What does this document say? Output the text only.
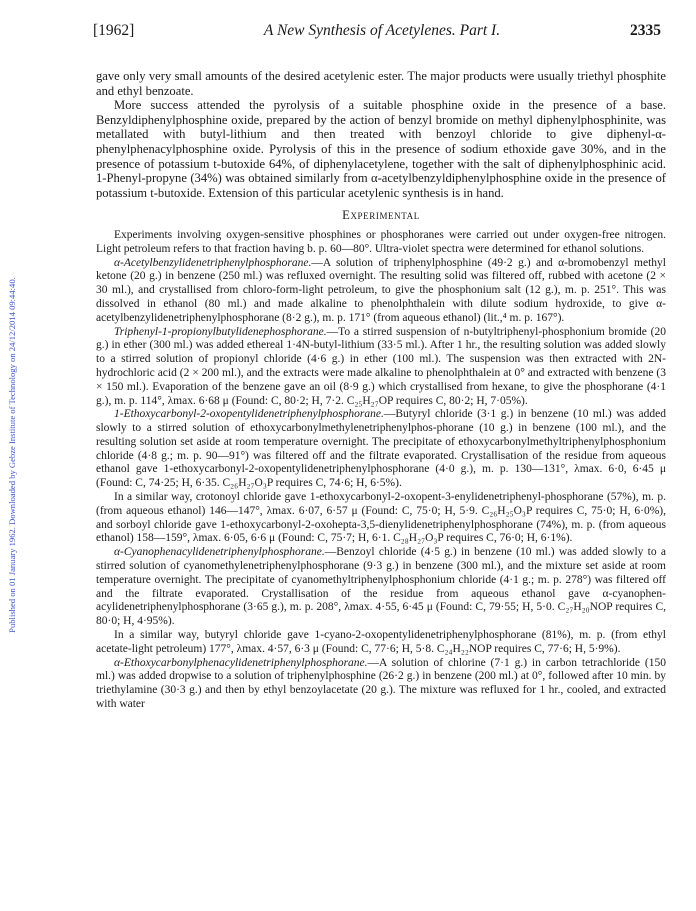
Published on 01 January 1962. Downloaded by Gebze Institute of Technology on 24/12/2014 09:44:40.
[1962]	A New Synthesis of Acetylenes. Part I.	2335

gave only very small amounts of the desired acetylenic ester. The major products were usually triethyl phosphite and ethyl benzoate.

More success attended the pyrolysis of a suitable phosphine oxide in the presence of a base. Benzyldiphenylphosphine oxide, prepared by the action of benzyl bromide on methyl diphenylphosphinite, was metallated with butyl-lithium and then treated with benzoyl chloride to give diphenyl-α-phenylphenacylphosphine oxide. Pyrolysis of this in the presence of sodium ethoxide gave 30%, and in the presence of potassium t-butoxide 64%, of diphenylacetylene, together with the salt of diphenylphosphinic acid. 1-Phenyl-propyne (34%) was obtained similarly from α-acetylbenzyldiphenylphosphine oxide in the presence of potassium t-butoxide. Extension of this particular acetylenic synthesis is in hand.

Experimental

Experiments involving oxygen-sensitive phosphines or phosphoranes were carried out under oxygen-free nitrogen. Light petroleum refers to that fraction having b. p. 60—80°. Ultra-violet spectra were determined for ethanol solutions.

α-Acetylbenzylidenetriphenylphosphorane.—A solution of triphenylphosphine (49·2 g.) and α-bromobenzyl methyl ketone (20 g.) in benzene (250 ml.) was refluxed overnight. The resulting solid was filtered off, rubbed with acetone (2 × 30 ml.), and crystallised from chloro-form-light petroleum, to give the phosphonium salt (12 g.), m. p. 251°. This was dissolved in ethanol (80 ml.) and made alkaline to phenolphthalein with dilute sodium hydroxide, to give α-acetylbenzylidenetriphenylphosphorane (8·2 g.), m. p. 171° (from aqueous ethanol) (lit.,⁴ m. p. 167°).

Triphenyl-1-propionylbutylidenephosphorane.—To a stirred suspension of n-butyltriphenyl-phosphonium bromide (20 g.) in ether (300 ml.) was added ethereal 1·4N-butyl-lithium (33·5 ml.). After 1 hr., the resulting solution was added slowly to a stirred solution of propionyl chloride (4·6 g.) in ether (100 ml.). The suspension was then extracted with 2N-hydrochloric acid (2 × 200 ml.), and the extracts were made alkaline to phenolphthalein at 0° and extracted with benzene (3 × 150 ml.). Evaporation of the benzene gave an oil (8·9 g.) which crystallised from hexane, to give the phosphorane (4·1 g.), m. p. 114°, λmax. 6·68 μ (Found: C, 80·2; H, 7·2. C₂₅H₂₇OP requires C, 80·2; H, 7·05%).

1-Ethoxycarbonyl-2-oxopentylidenetriphenylphosphorane.—Butyryl chloride (3·1 g.) in benzene (10 ml.) was added slowly to a stirred solution of ethoxycarbonylmethylenetriphenylphos-phorane (10 g.) in benzene (100 ml.), and the resulting solution set aside at room temperature overnight. The precipitate of ethoxycarbonylmethyltriphenylphosphonium chloride (4·8 g.; m. p. 90—91°) was filtered off and the filtrate evaporated. Crystallisation of the residue from aqueous ethanol gave 1-ethoxycarbonyl-2-oxopentylidenetriphenylphosphorane (4·0 g.), m. p. 130—131°, λmax. 6·0, 6·45 μ (Found: C, 74·25; H, 6·35. C₂₆H₂₇O₃P requires C, 74·6; H, 6·5%).

In a similar way, crotonoyl chloride gave 1-ethoxycarbonyl-2-oxopent-3-enylidenetriphenyl-phosphorane (57%), m. p. (from aqueous ethanol) 146—147°, λmax. 6·07, 6·57 μ (Found: C, 75·0; H, 5·9. C₂₆H₂₅O₃P requires C, 75·0; H, 6·0%), and sorboyl chloride gave 1-ethoxycarbonyl-2-oxohepta-3,5-dienylidenetriphenylphosphorane (74%), m. p. (from aqueous ethanol) 158—159°, λmax. 6·05, 6·6 μ (Found: C, 75·7; H, 6·1. C₂₈H₂₇O₃P requires C, 76·0; H, 6·1%).

α-Cyanophenacylidenetriphenylphosphorane.—Benzoyl chloride (4·5 g.) in benzene (10 ml.) was added slowly to a stirred solution of cyanomethylenetriphenylphosphorane (9·3 g.) in benzene (300 ml.), and the mixture set aside at room temperature overnight. The precipitate of cyanomethyltriphenylphosphonium chloride (4·1 g.; m. p. 278°) was filtered off and the filtrate evaporated. Crystallisation of the residue from aqueous ethanol gave α-cyanophen-acylidenetriphenylphosphorane (3·65 g.), m. p. 208°, λmax. 4·55, 6·45 μ (Found: C, 79·55; H, 5·0. C₂₇H₂₀NOP requires C, 80·0; H, 4·95%).

In a similar way, butyryl chloride gave 1-cyano-2-oxopentylidenetriphenylphosphorane (81%), m. p. (from ethyl acetate-light petroleum) 177°, λmax. 4·57, 6·3 μ (Found: C, 77·6; H, 5·8. C₂₄H₂₂NOP requires C, 77·6; H, 5·9%).

α-Ethoxycarbonylphenacylidenetriphenylphosphorane.—A solution of chlorine (7·1 g.) in carbon tetrachloride (150 ml.) was added dropwise to a solution of triphenylphosphine (26·2 g.) in benzene (200 ml.) at 0°, followed after 10 min. by triethylamine (30·3 g.) and then by ethyl benzoylacetate (20 g.). The mixture was refluxed for 1 hr., cooled, and extracted with water
